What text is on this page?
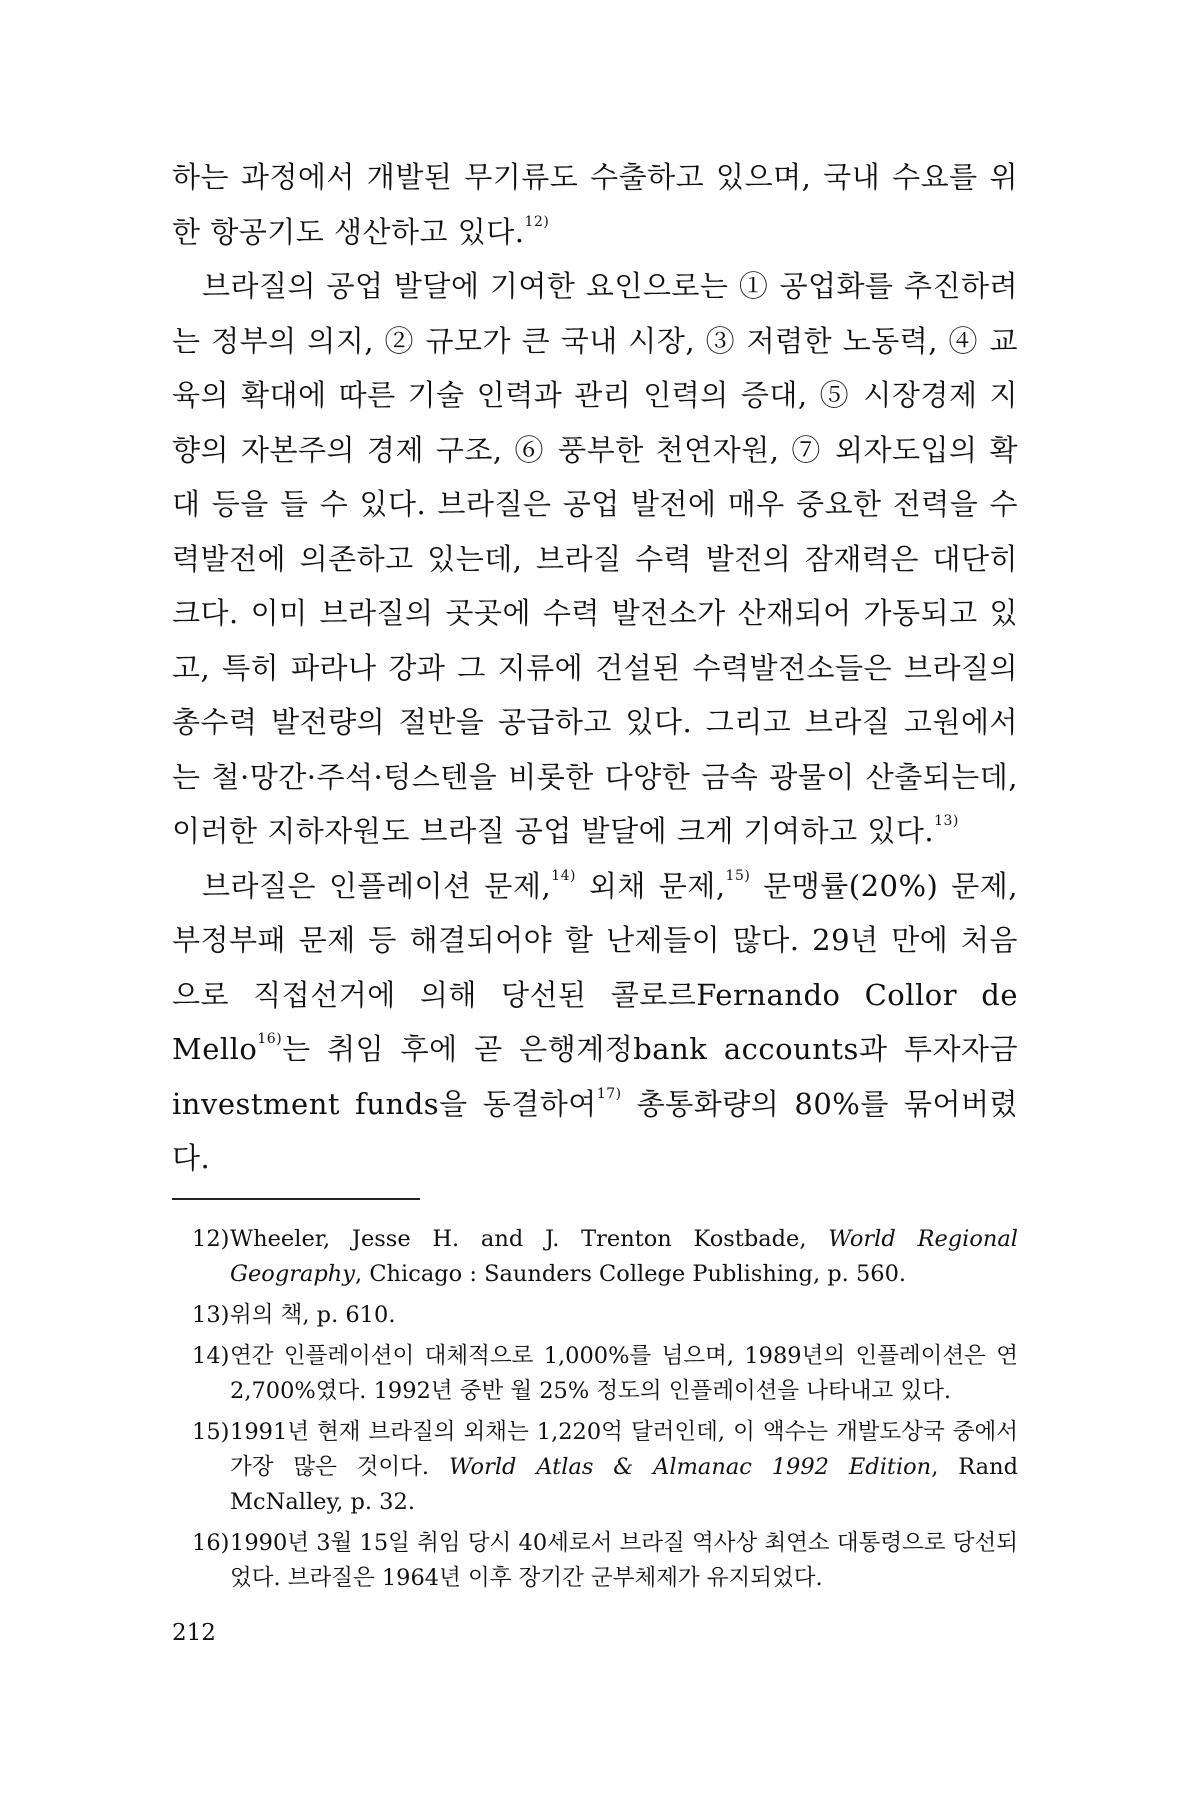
하는 과정에서 개발된 무기류도 수출하고 있으며, 국내 수요를 위한 항공기도 생산하고 있다.$^{12)}$

브라질의 공업 발달에 기여한 요인으로는 ① 공업화를 추진하려는 정부의 의지, ② 규모가 큰 국내 시장, ③ 저렴한 노동력, ④ 교육의 확대에 따른 기술 인력과 관리 인력의 증대, ⑤ 시장경제 지향의 자본주의 경제 구조, ⑥ 풍부한 천연자원, ⑦ 외자도입의 확대 등을 들 수 있다. 브라질은 공업 발전에 매우 중요한 전력을 수력발전에 의존하고 있는데, 브라질 수력 발전의 잠재력은 대단히 크다. 이미 브라질의 곳곳에 수력 발전소가 산재되어 가동되고 있고, 특히 파라나 강과 그 지류에 건설된 수력발전소들은 브라질의 총수력 발전량의 절반을 공급하고 있다. 그리고 브라질 고원에서는 철·망간·주석·텅스텐을 비롯한 다양한 금속 광물이 산출되는데, 이러한 지하자원도 브라질 공업 발달에 크게 기여하고 있다.$^{13)}$

브라질은 인플레이션 문제,$^{14)}$ 외채 문제,$^{15)}$ 문맹률(20%) 문제, 부정부패 문제 등 해결되어야 할 난제들이 많다. 29년 만에 처음으로 직접선거에 의해 당선된 콜로르Fernando Collor de Mello$^{16)}$는 취임 후에 곧 은행계정bank accounts과 투자자금investment funds을 동결하여$^{17)}$ 총통화량의 80%를 묶어버렸다.

12)Wheeler, Jesse H. and J. Trenton Kostbade, World Regional Geography, Chicago : Saunders College Publishing, p. 560.

13)위의 책, p. 610.

14)연간 인플레이션이 대체적으로 1,000%를 넘으며, 1989년의 인플레이션은 연 2,700%였다. 1992년 중반 월 25% 정도의 인플레이션을 나타내고 있다.

15)1991년 현재 브라질의 외채는 1,220억 달러인데, 이 액수는 개발도상국 중에서 가장 많은 것이다. World Atlas & Almanac 1992 Edition, Rand McNalley, p. 32.

16)1990년 3월 15일 취임 당시 40세로서 브라질 역사상 최연소 대통령으로 당선되었다. 브라질은 1964년 이후 장기간 군부체제가 유지되었다.

212
